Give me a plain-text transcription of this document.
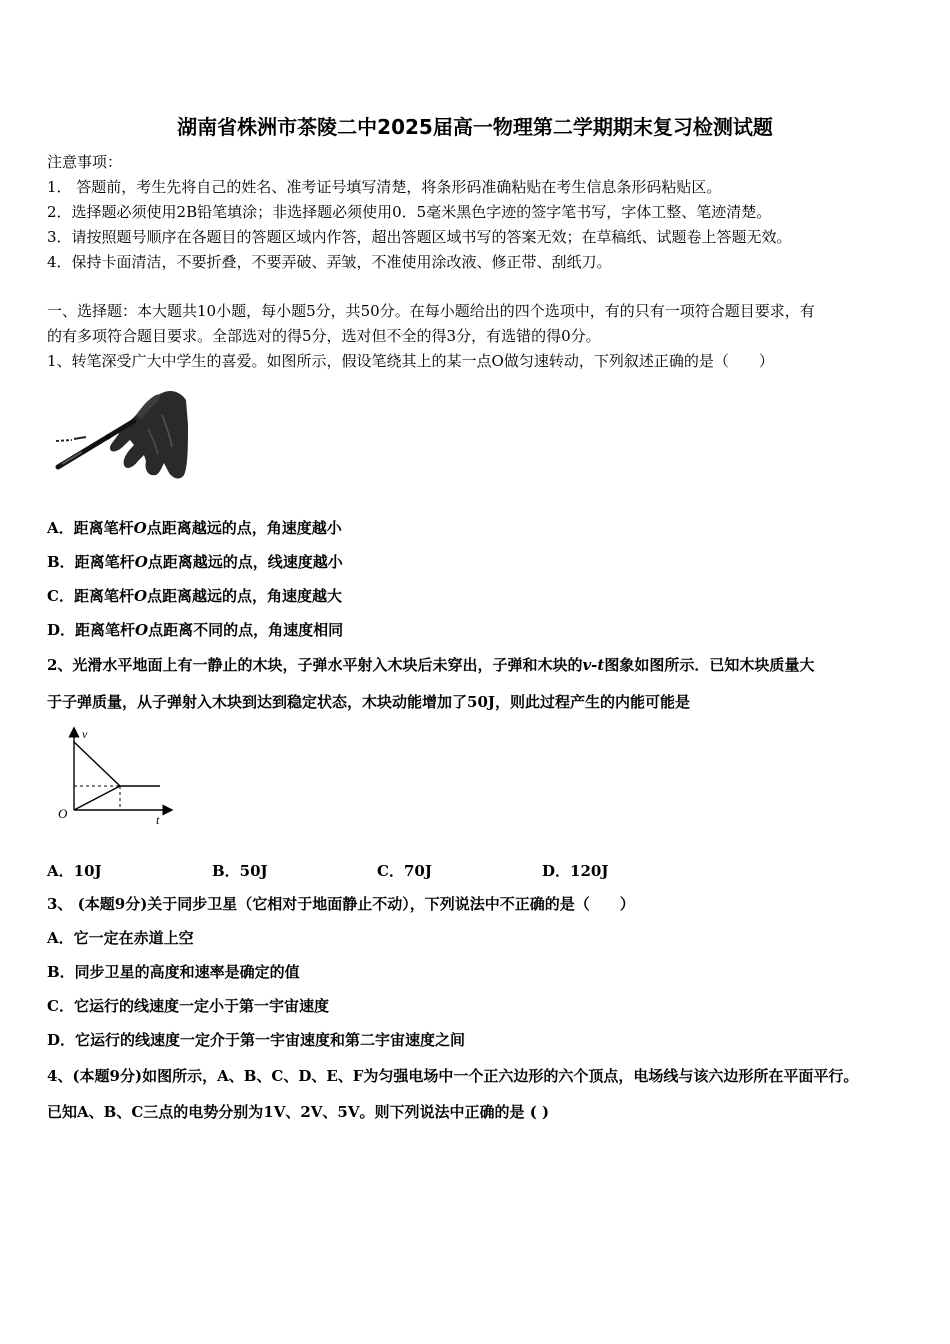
湖南省株洲市茶陵二中2025届高一物理第二学期期末复习检测试题
注意事项：
1． 答题前，考生先将自己的姓名、准考证号填写清楚，将条形码准确粘贴在考生信息条形码粘贴区。
2．选择题必须使用2B铅笔填涂；非选择题必须使用0．5毫米黑色字迹的签字笔书写，字体工整、笔迹清楚。
3．请按照题号顺序在各题目的答题区域内作答，超出答题区域书写的答案无效；在草稿纸、试题卷上答题无效。
4．保持卡面清洁，不要折叠，不要弄破、弄皱，不准使用涂改液、修正带、刮纸刀。
一、选择题：本大题共10小题，每小题5分，共50分。在每小题给出的四个选项中，有的只有一项符合题目要求，有
的有多项符合题目要求。全部选对的得5分，选对但不全的得3分，有选错的得0分。
1、转笔深受广大中学生的喜爱。如图所示，假设笔绕其上的某一点O做匀速转动，下列叙述正确的是（　　）
A．距离笔杆O点距离越远的点，角速度越小
B．距离笔杆O点距离越远的点，线速度越小
C．距离笔杆O点距离越远的点，角速度越大
D．距离笔杆O点距离不同的点，角速度相同
2、光滑水平地面上有一静止的木块，子弹水平射入木块后未穿出，子弹和木块的v-t图象如图所示．已知木块质量大
于子弹质量，从子弹射入木块到达到稳定状态，木块动能增加了50J，则此过程产生的内能可能是
v
t
O
A．10J	B．50J	C．70J	D．120J
3、 (本题9分)关于同步卫星（它相对于地面静止不动），下列说法中不正确的是（　　）
A．它一定在赤道上空
B．同步卫星的高度和速率是确定的值
C．它运行的线速度一定小于第一宇宙速度
D．它运行的线速度一定介于第一宇宙速度和第二宇宙速度之间
4、(本题9分)如图所示，A、B、C、D、E、F为匀强电场中一个正六边形的六个顶点，电场线与该六边形所在平面平行。
已知A、B、C三点的电势分别为1V、2V、5V。则下列说法中正确的是 ( )
